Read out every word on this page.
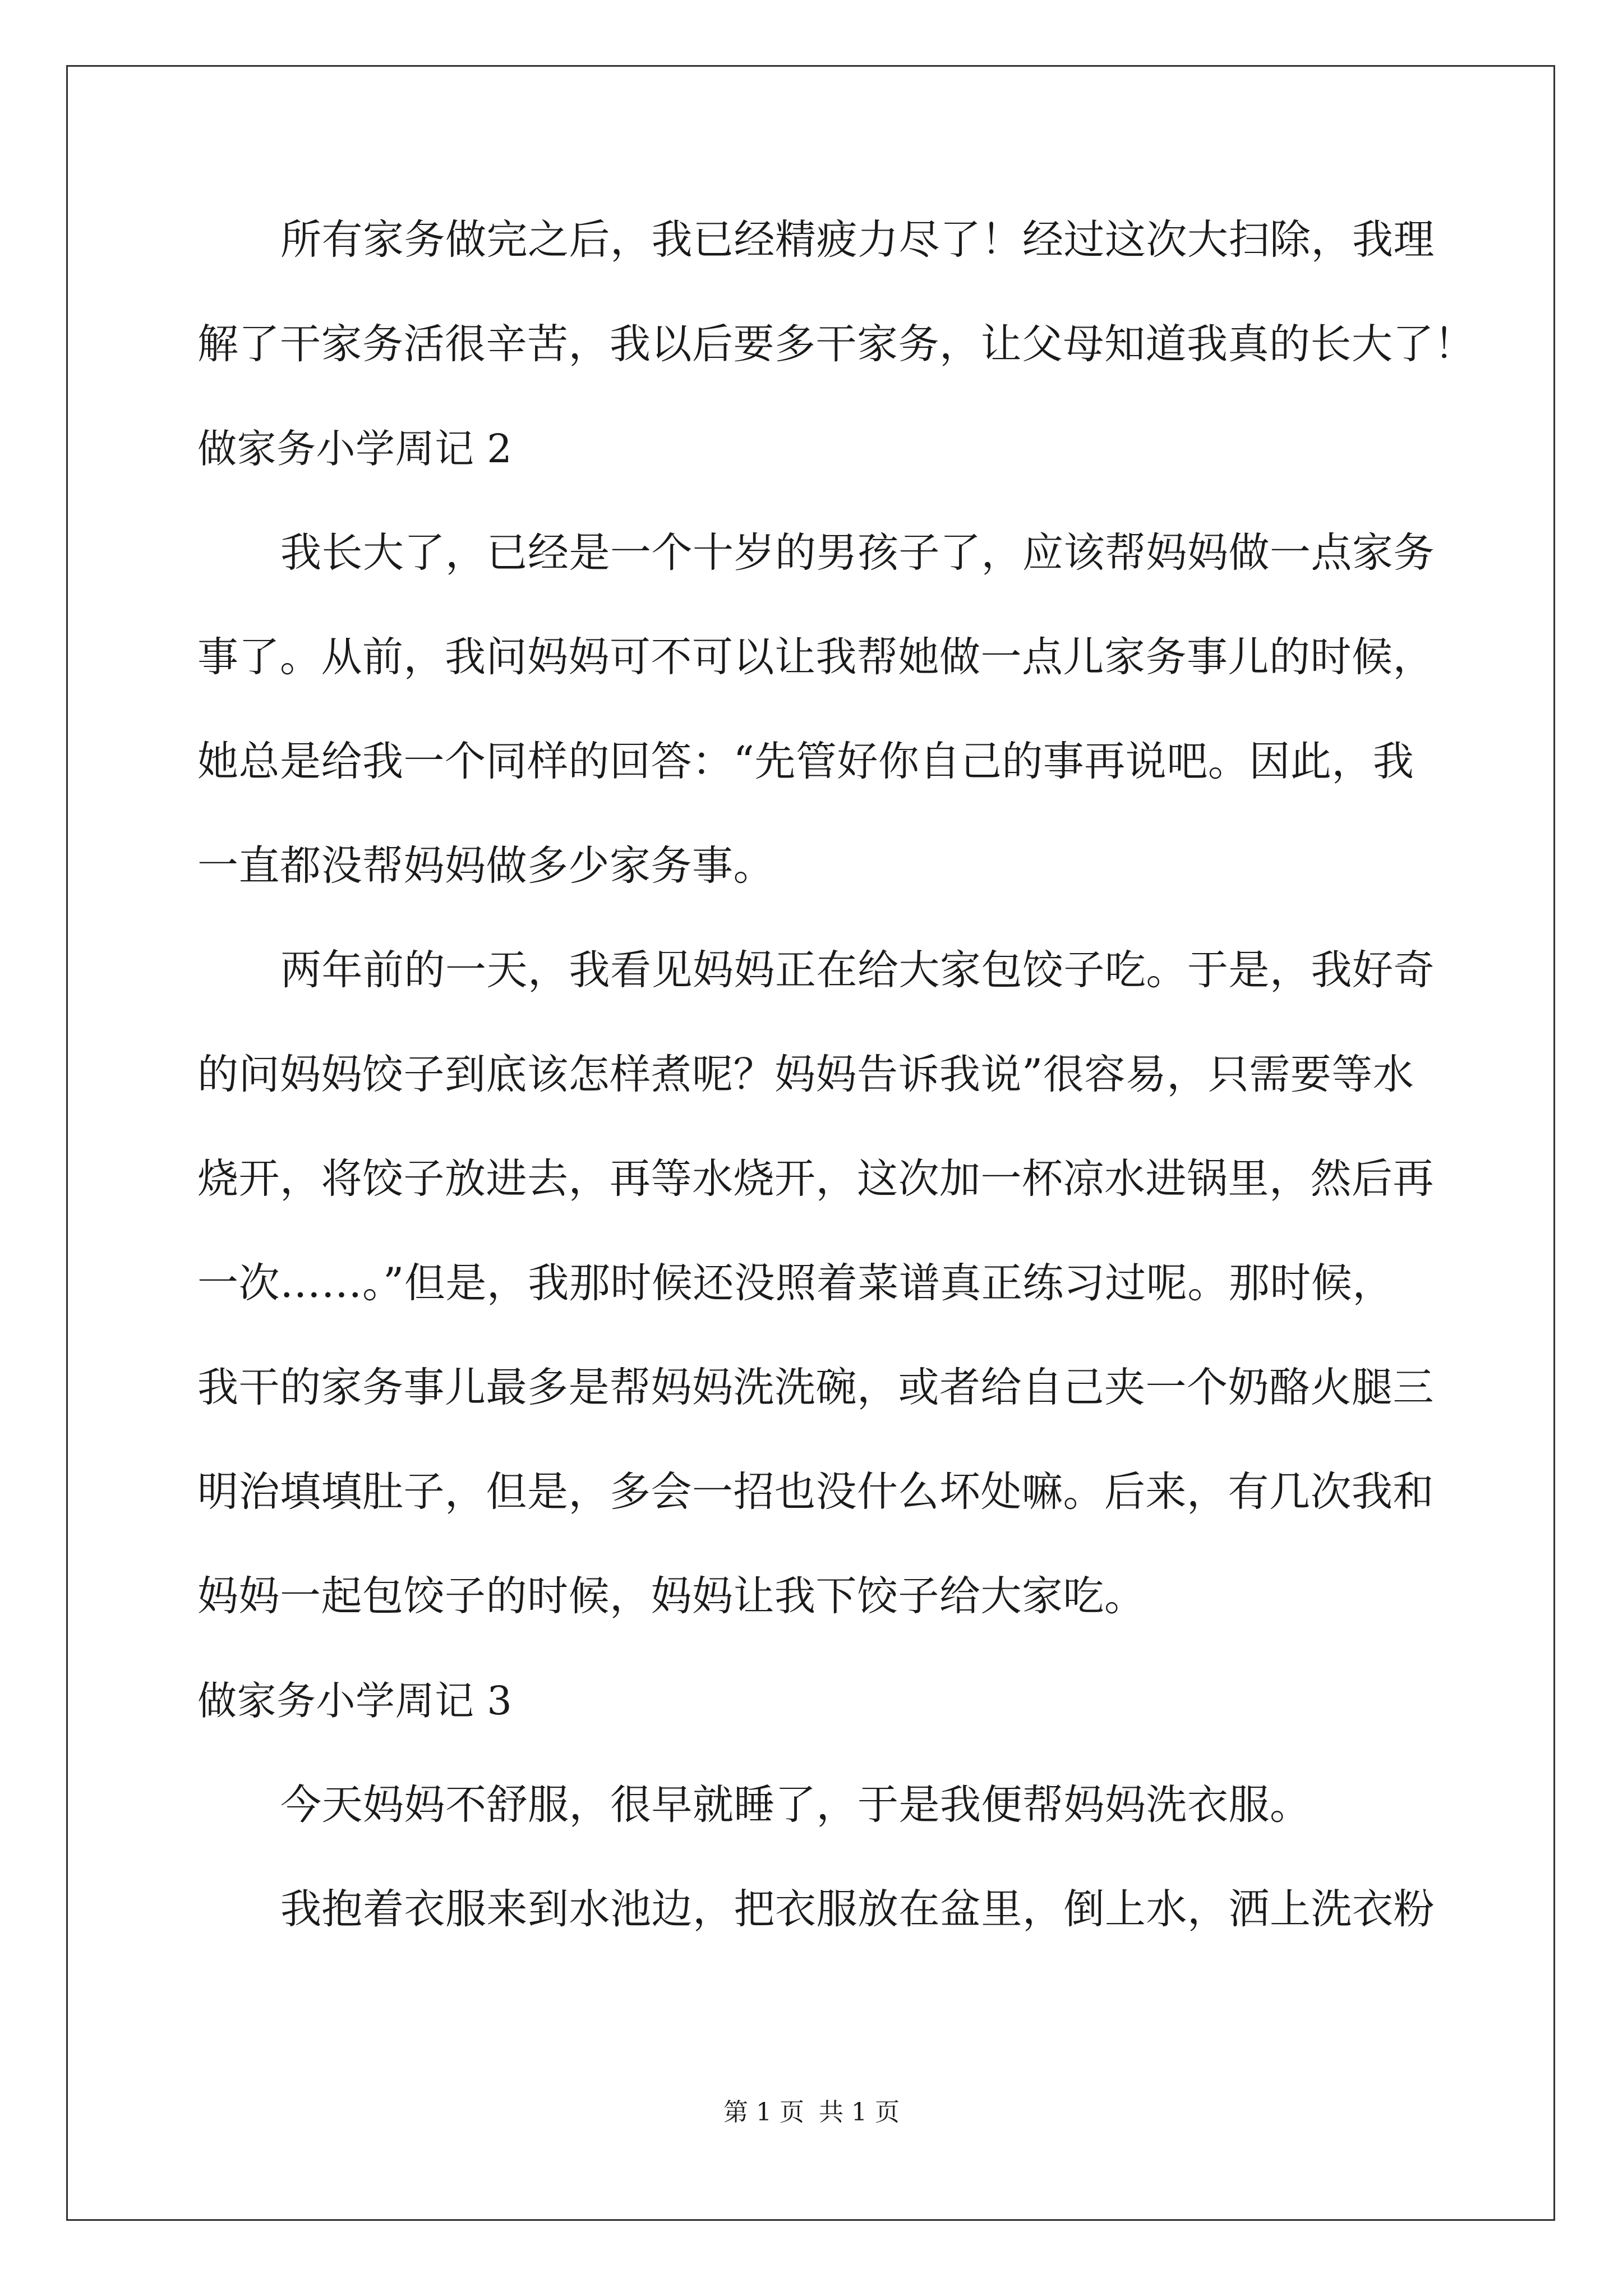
所有家务做完之后，我已经精疲力尽了！经过这次大扫除，我理
解了干家务活很辛苦，我以后要多干家务，让父母知道我真的长大了！
做家务小学周记 2
我长大了，已经是一个十岁的男孩子了，应该帮妈妈做一点家务
事了。从前，我问妈妈可不可以让我帮她做一点儿家务事儿的时候，
她总是给我一个同样的回答：“先管好你自己的事再说吧。因此，我
一直都没帮妈妈做多少家务事。
两年前的一天，我看见妈妈正在给大家包饺子吃。于是，我好奇
的问妈妈饺子到底该怎样煮呢？妈妈告诉我说”很容易，只需要等水
烧开，将饺子放进去，再等水烧开，这次加一杯凉水进锅里，然后再
一次……。”但是，我那时候还没照着菜谱真正练习过呢。那时候，
我干的家务事儿最多是帮妈妈洗洗碗，或者给自己夹一个奶酪火腿三
明治填填肚子，但是，多会一招也没什么坏处嘛。后来，有几次我和
妈妈一起包饺子的时候，妈妈让我下饺子给大家吃。
做家务小学周记 3
今天妈妈不舒服，很早就睡了，于是我便帮妈妈洗衣服。
我抱着衣服来到水池边，把衣服放在盆里，倒上水，洒上洗衣粉
第 1 页 共 1 页
